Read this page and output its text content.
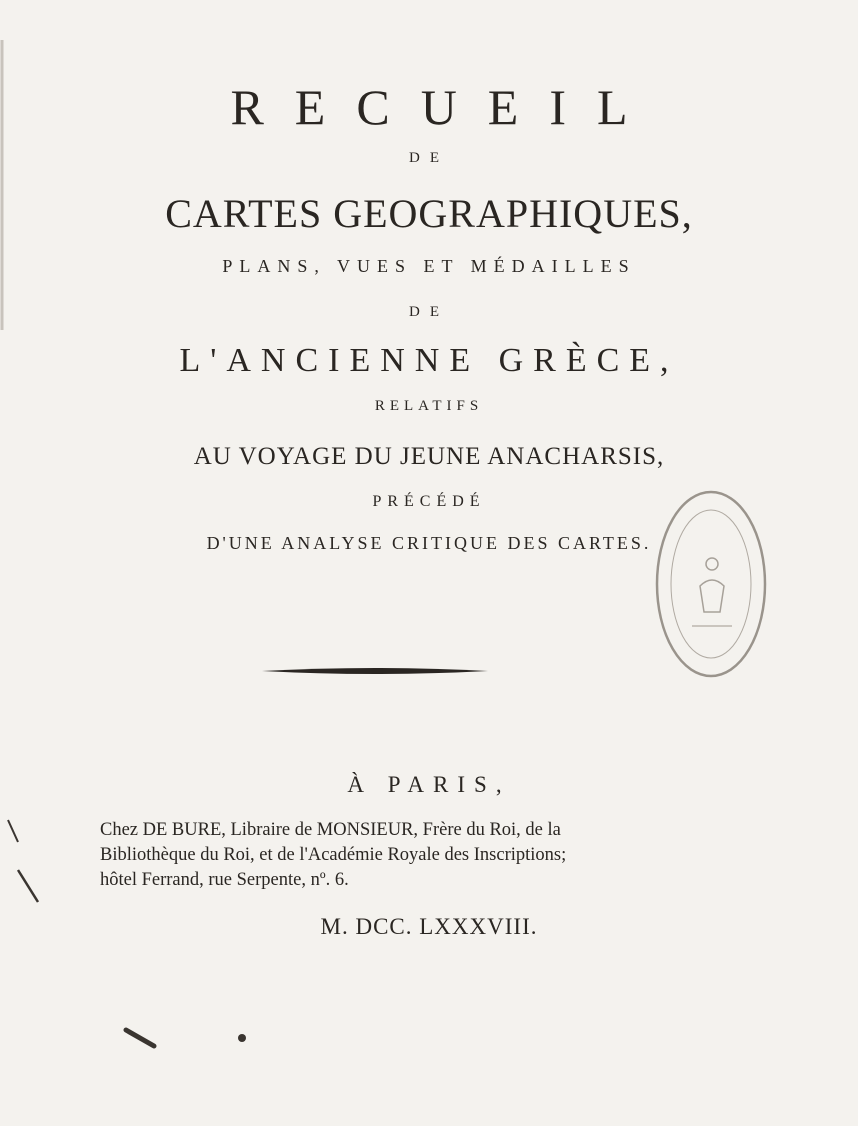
RECUEIL
DE
CARTES GEOGRAPHIQUES,
PLANS, VUES ET MÉDAILLES
DE
L'ANCIENNE GRÈCE,
RELATIFS
AU VOYAGE DU JEUNE ANACHARSIS,
PRÉCÉDÉ
D'UNE ANALYSE CRITIQUE DES CARTES.
À PARIS,
Chez DE BURE, Libraire de MONSIEUR, Frère du Roi, de la
Bibliothèque du Roi, et de l'Académie Royale des Inscriptions;
hôtel Ferrand, rue Serpente, nº. 6.
M. DCC. LXXXVIII.
